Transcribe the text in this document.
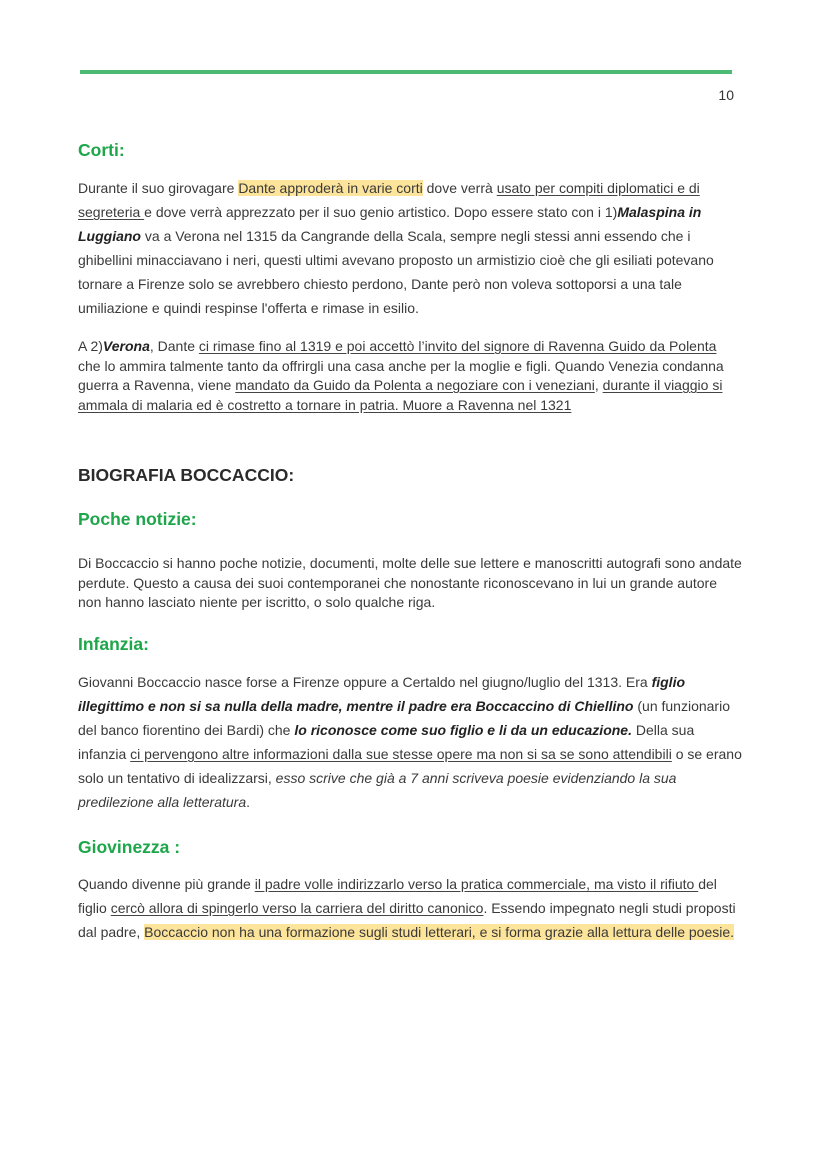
10
Corti:

Durante il suo girovagare Dante approderà in varie corti dove verrà usato per compiti diplomatici e di segreteria e dove verrà apprezzato per il suo genio artistico. Dopo essere stato con i 1)Malaspina in Luggiano va a Verona nel 1315 da Cangrande della Scala, sempre negli stessi anni essendo che i ghibellini minacciavano i neri, questi ultimi avevano proposto un armistizio cioè che gli esiliati potevano tornare a Firenze solo se avrebbero chiesto perdono, Dante però non voleva sottoporsi a una tale umiliazione e quindi respinse l'offerta e rimase in esilio.

A 2)Verona, Dante ci rimase fino al 1319 e poi accettò l’invito del signore di Ravenna Guido da Polenta che lo ammira talmente tanto da offrirgli una casa anche per la moglie e figli. Quando Venezia condanna guerra a Ravenna, viene mandato da Guido da Polenta a negoziare con i veneziani, durante il viaggio si ammala di malaria ed è costretto a tornare in patria. Muore a Ravenna nel 1321

BIOGRAFIA BOCCACCIO:
Poche notizie:

Di Boccaccio si hanno poche notizie, documenti, molte delle sue lettere e manoscritti autografi sono andate perdute. Questo a causa dei suoi contemporanei che nonostante riconoscevano in lui un grande autore non hanno lasciato niente per iscritto, o solo qualche riga.

Infanzia:

Giovanni Boccaccio nasce forse a Firenze oppure a Certaldo nel giugno/luglio del 1313. Era figlio illegittimo e non si sa nulla della madre, mentre il padre era Boccaccino di Chiellino (un funzionario del banco fiorentino dei Bardi) che lo riconosce come suo figlio e li da un educazione. Della sua infanzia ci pervengono altre informazioni dalla sue stesse opere ma non si sa se sono attendibili o se erano solo un tentativo di idealizzarsi, esso scrive che già a 7 anni scriveva poesie evidenziando la sua predilezione alla letteratura.

Giovinezza :

Quando divenne più grande il padre volle indirizzarlo verso la pratica commerciale, ma visto il rifiuto del figlio cercò allora di spingerlo verso la carriera del diritto canonico. Essendo impegnato negli studi proposti dal padre, Boccaccio non ha una formazione sugli studi letterari, e si forma grazie alla lettura delle poesie.
